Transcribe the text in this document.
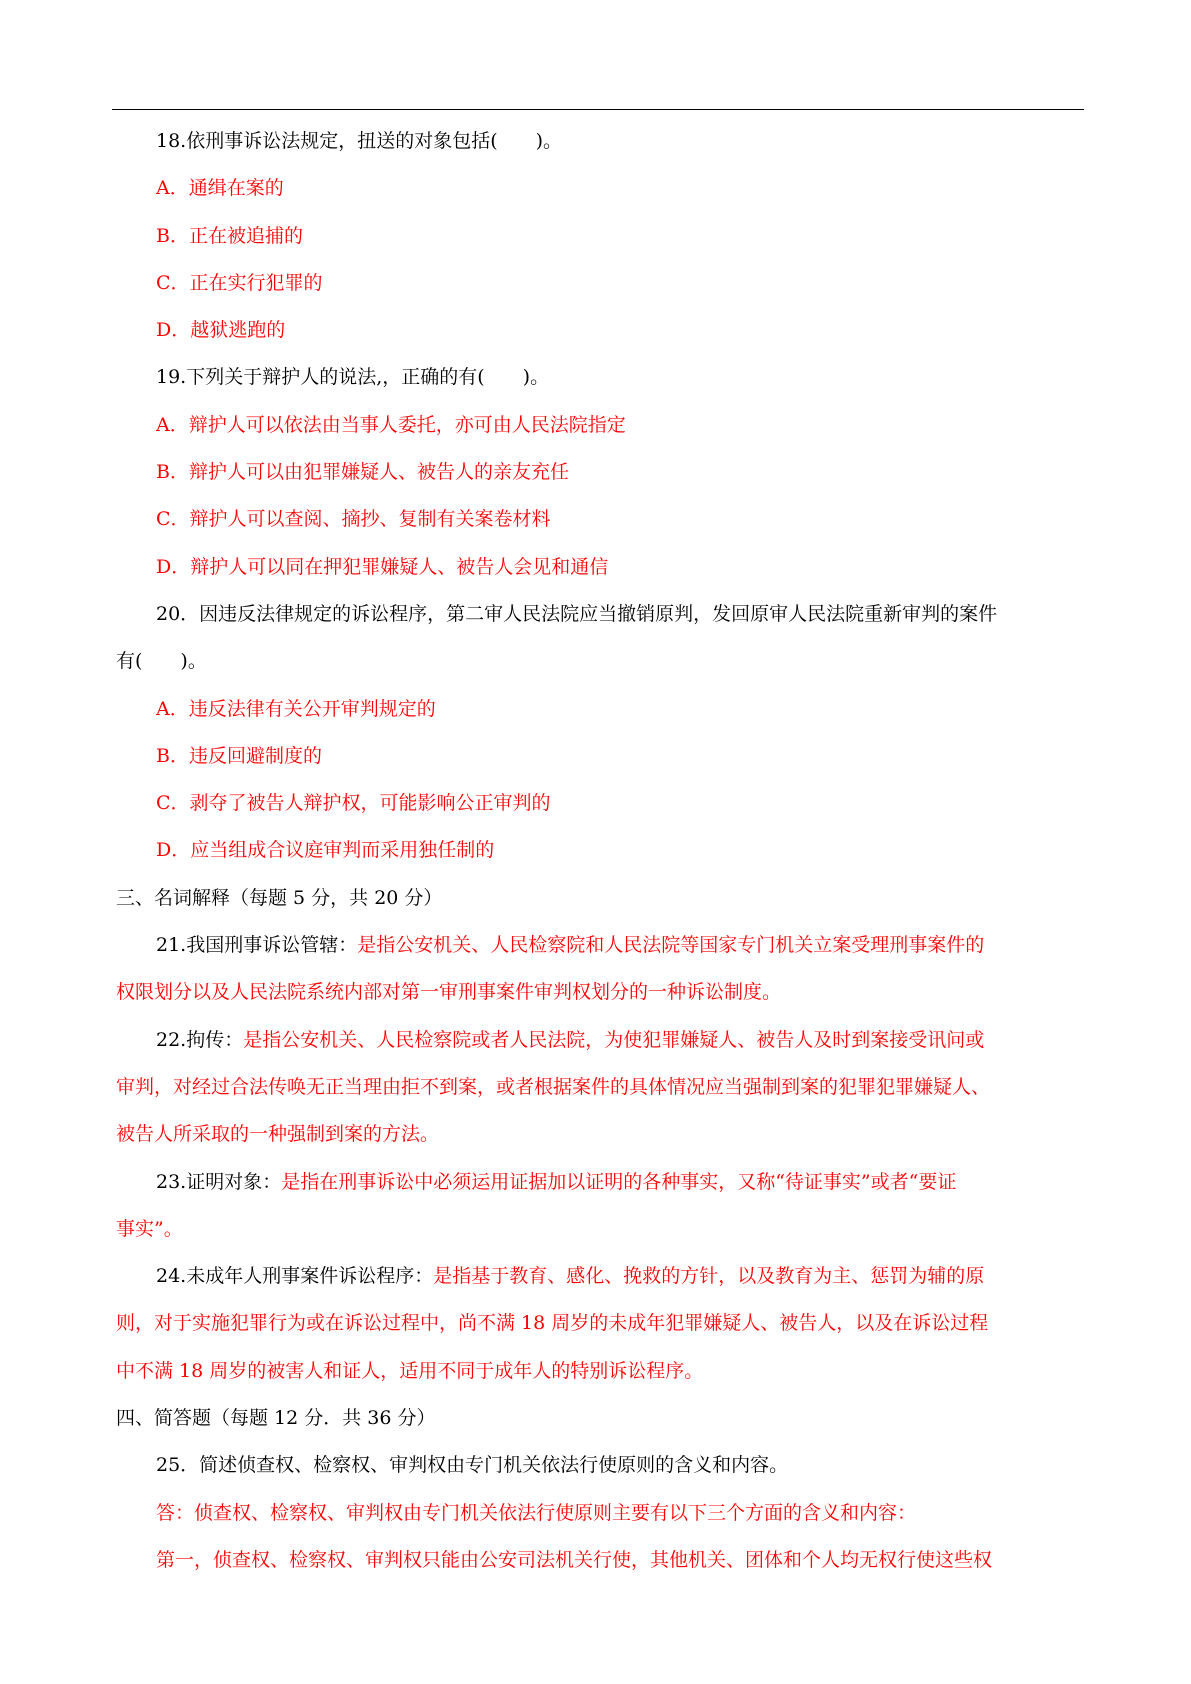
18.依刑事诉讼法规定，扭送的对象包括(　　)。

A．通缉在案的

B．正在被追捕的

C．正在实行犯罪的

D．越狱逃跑的

19.下列关于辩护人的说法,，正确的有(　　)。

A．辩护人可以依法由当事人委托，亦可由人民法院指定

B．辩护人可以由犯罪嫌疑人、被告人的亲友充任

C．辩护人可以查阅、摘抄、复制有关案卷材料

D．辩护人可以同在押犯罪嫌疑人、被告人会见和通信

20．因违反法律规定的诉讼程序，第二审人民法院应当撤销原判，发回原审人民法院重新审判的案件

有(　　)。

A．违反法律有关公开审判规定的

B．违反回避制度的

C．剥夺了被告人辩护权，可能影响公正审判的

D．应当组成合议庭审判而采用独任制的

三、名词解释（每题 5 分，共 20 分）

21.我国刑事诉讼管辖：是指公安机关、人民检察院和人民法院等国家专门机关立案受理刑事案件的

权限划分以及人民法院系统内部对第一审刑事案件审判权划分的一种诉讼制度。

22.拘传：是指公安机关、人民检察院或者人民法院，为使犯罪嫌疑人、被告人及时到案接受讯问或

审判，对经过合法传唤无正当理由拒不到案，或者根据案件的具体情况应当强制到案的犯罪犯罪嫌疑人、

被告人所采取的一种强制到案的方法。

23.证明对象：是指在刑事诉讼中必须运用证据加以证明的各种事实，又称“待证事实”或者“要证

事实”。

24.未成年人刑事案件诉讼程序：是指基于教育、感化、挽救的方针，以及教育为主、惩罚为辅的原

则，对于实施犯罪行为或在诉讼过程中，尚不满 18 周岁的未成年犯罪嫌疑人、被告人，以及在诉讼过程

中不满 18 周岁的被害人和证人，适用不同于成年人的特别诉讼程序。

四、简答题（每题 12 分．共 36 分）

25．简述侦查权、检察权、审判权由专门机关依法行使原则的含义和内容。

答：侦查权、检察权、审判权由专门机关依法行使原则主要有以下三个方面的含义和内容：

第一，侦查权、检察权、审判权只能由公安司法机关行使，其他机关、团体和个人均无权行使这些权
